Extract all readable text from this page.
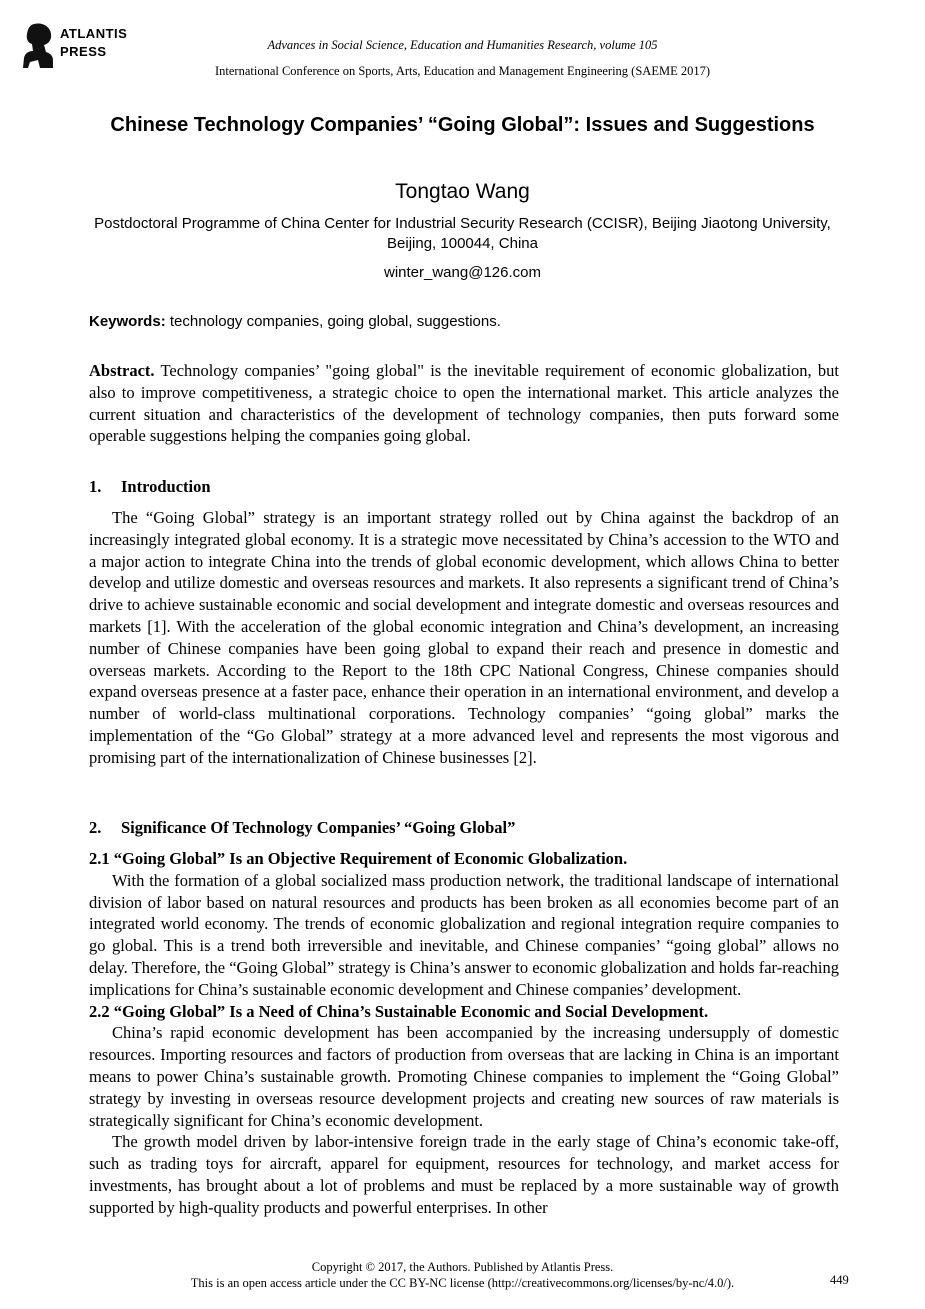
ATLANTIS
PRESS	Advances in Social Science, Education and Humanities Research, volume 105
International Conference on Sports, Arts, Education and Management Engineering (SAEME 2017)
Chinese Technology Companies’ “Going Global”: Issues and Suggestions
Tongtao Wang
Postdoctoral Programme of China Center for Industrial Security Research (CCISR), Beijing Jiaotong University, Beijing, 100044, China
winter_wang@126.com
Keywords: technology companies, going global, suggestions.

Abstract. Technology companies’ "going global" is the inevitable requirement of economic globalization, but also to improve competitiveness, a strategic choice to open the international market. This article analyzes the current situation and characteristics of the development of technology companies, then puts forward some operable suggestions helping the companies going global.

1. Introduction

The “Going Global” strategy is an important strategy rolled out by China against the backdrop of an increasingly integrated global economy. It is a strategic move necessitated by China’s accession to the WTO and a major action to integrate China into the trends of global economic development, which allows China to better develop and utilize domestic and overseas resources and markets. It also represents a significant trend of China’s drive to achieve sustainable economic and social development and integrate domestic and overseas resources and markets [1]. With the acceleration of the global economic integration and China’s development, an increasing number of Chinese companies have been going global to expand their reach and presence in domestic and overseas markets. According to the Report to the 18th CPC National Congress, Chinese companies should expand overseas presence at a faster pace, enhance their operation in an international environment, and develop a number of world-class multinational corporations. Technology companies’ “going global” marks the implementation of the “Go Global” strategy at a more advanced level and represents the most vigorous and promising part of the internationalization of Chinese businesses [2].

2. Significance Of Technology Companies’ “Going Global”

2.1 “Going Global” Is an Objective Requirement of Economic Globalization.

With the formation of a global socialized mass production network, the traditional landscape of international division of labor based on natural resources and products has been broken as all economies become part of an integrated world economy. The trends of economic globalization and regional integration require companies to go global. This is a trend both irreversible and inevitable, and Chinese companies’ “going global” allows no delay. Therefore, the “Going Global” strategy is China’s answer to economic globalization and holds far-reaching implications for China’s sustainable economic development and Chinese companies’ development.

2.2 “Going Global” Is a Need of China’s Sustainable Economic and Social Development.

China’s rapid economic development has been accompanied by the increasing undersupply of domestic resources. Importing resources and factors of production from overseas that are lacking in China is an important means to power China’s sustainable growth. Promoting Chinese companies to implement the “Going Global” strategy by investing in overseas resource development projects and creating new sources of raw materials is strategically significant for China’s economic development.

The growth model driven by labor-intensive foreign trade in the early stage of China’s economic take-off, such as trading toys for aircraft, apparel for equipment, resources for technology, and market access for investments, has brought about a lot of problems and must be replaced by a more sustainable way of growth supported by high-quality products and powerful enterprises. In other

Copyright © 2017, the Authors. Published by Atlantis Press.
This is an open access article under the CC BY-NC license (http://creativecommons.org/licenses/by-nc/4.0/).	449
